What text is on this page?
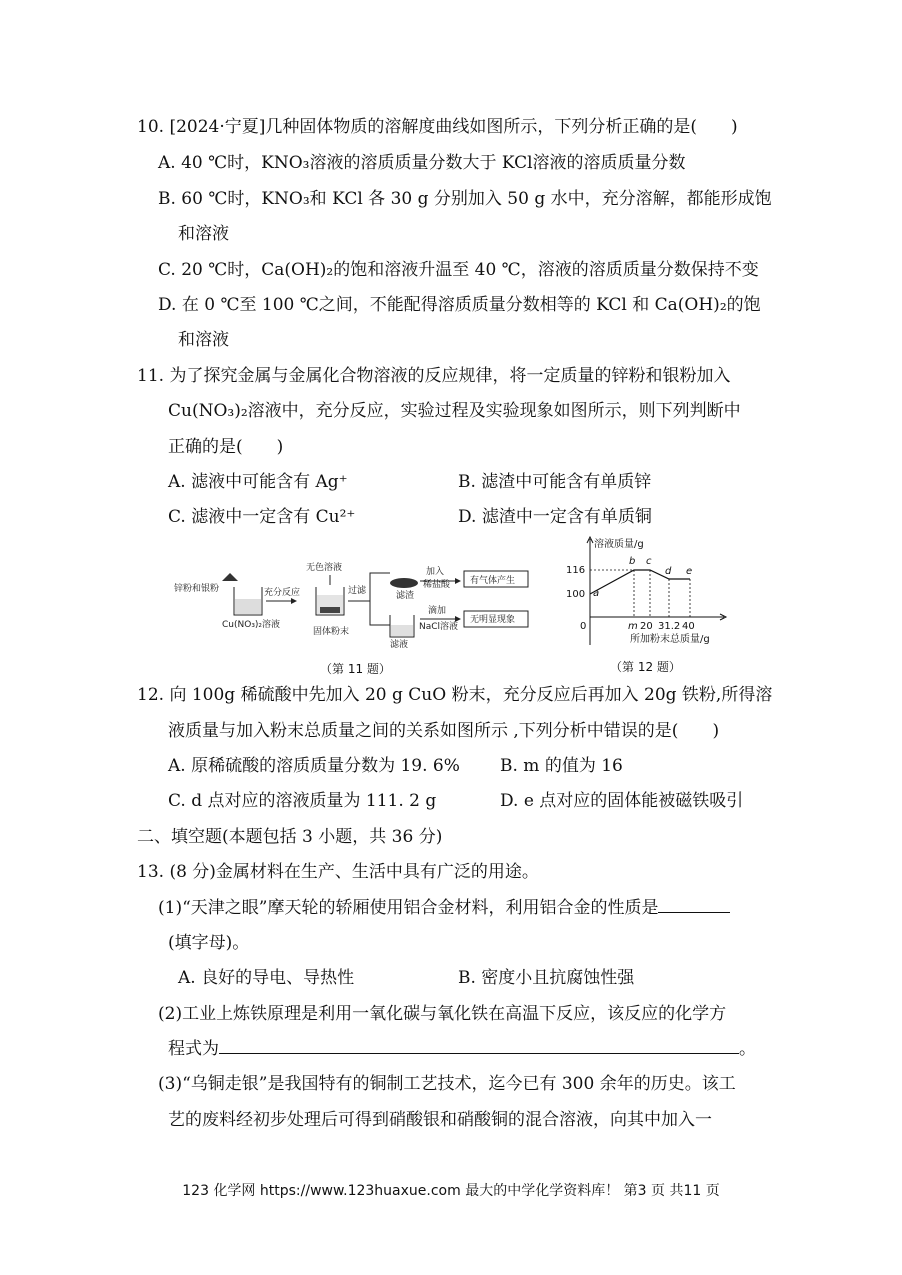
10. [2024·宁夏]几种固体物质的溶解度曲线如图所示，下列分析正确的是(　　)
A. 40 ℃时，KNO₃溶液的溶质质量分数大于 KCl溶液的溶质质量分数
B. 60 ℃时，KNO₃和 KCl 各 30 g 分别加入 50 g 水中，充分溶解，都能形成饱
和溶液
C. 20 ℃时，Ca(OH)₂的饱和溶液升温至 40 ℃，溶液的溶质质量分数保持不变
D. 在 0 ℃至 100 ℃之间，不能配得溶质质量分数相等的 KCl 和 Ca(OH)₂的饱
和溶液
11. 为了探究金属与金属化合物溶液的反应规律，将一定质量的锌粉和银粉加入
Cu(NO₃)₂溶液中，充分反应，实验过程及实验现象如图所示，则下列判断中
正确的是(　　)
A. 滤液中可能含有 Ag⁺	B. 滤渣中可能含有单质锌
C. 滤液中一定含有 Cu²⁺	D. 滤渣中一定含有单质铜
锌粉和银粉
Cu(NO₃)₂溶液
充分反应
无色溶液
固体粉末
过滤	滤渣
滤液
加入
稀盐酸 有气体产生
滴加
NaCl溶液
无明显现象
（第 11 题）
溶液质量/g
116
100
0	m 20 31.2 40
所加粉末总质量/g
a
b c
d e
（第 12 题）
12. 向 100g 稀硫酸中先加入 20 g CuO 粉末，充分反应后再加入 20g 铁粉,所得溶
液质量与加入粉末总质量之间的关系如图所示 ,下列分析中错误的是(　　)
A. 原稀硫酸的溶质质量分数为 19. 6% B. m 的值为 16
C. d 点对应的溶液质量为 111. 2 g	D. e 点对应的固体能被磁铁吸引
二、填空题(本题包括 3 小题，共 36 分)
13. (8 分)金属材料在生产、生活中具有广泛的用途。
(1)“天津之眼”摩天轮的轿厢使用铝合金材料，利用铝合金的性质是
(填字母)。
A. 良好的导电、导热性	B. 密度小且抗腐蚀性强
(2)工业上炼铁原理是利用一氧化碳与氧化铁在高温下反应，该反应的化学方
程式为	。
(3)“乌铜走银”是我国特有的铜制工艺技术，迄今已有 300 余年的历史。该工
艺的废料经初步处理后可得到硝酸银和硝酸铜的混合溶液，向其中加入一
123 化学网 https://www.123huaxue.com 最大的中学化学资料库！ 第3 页 共11 页
